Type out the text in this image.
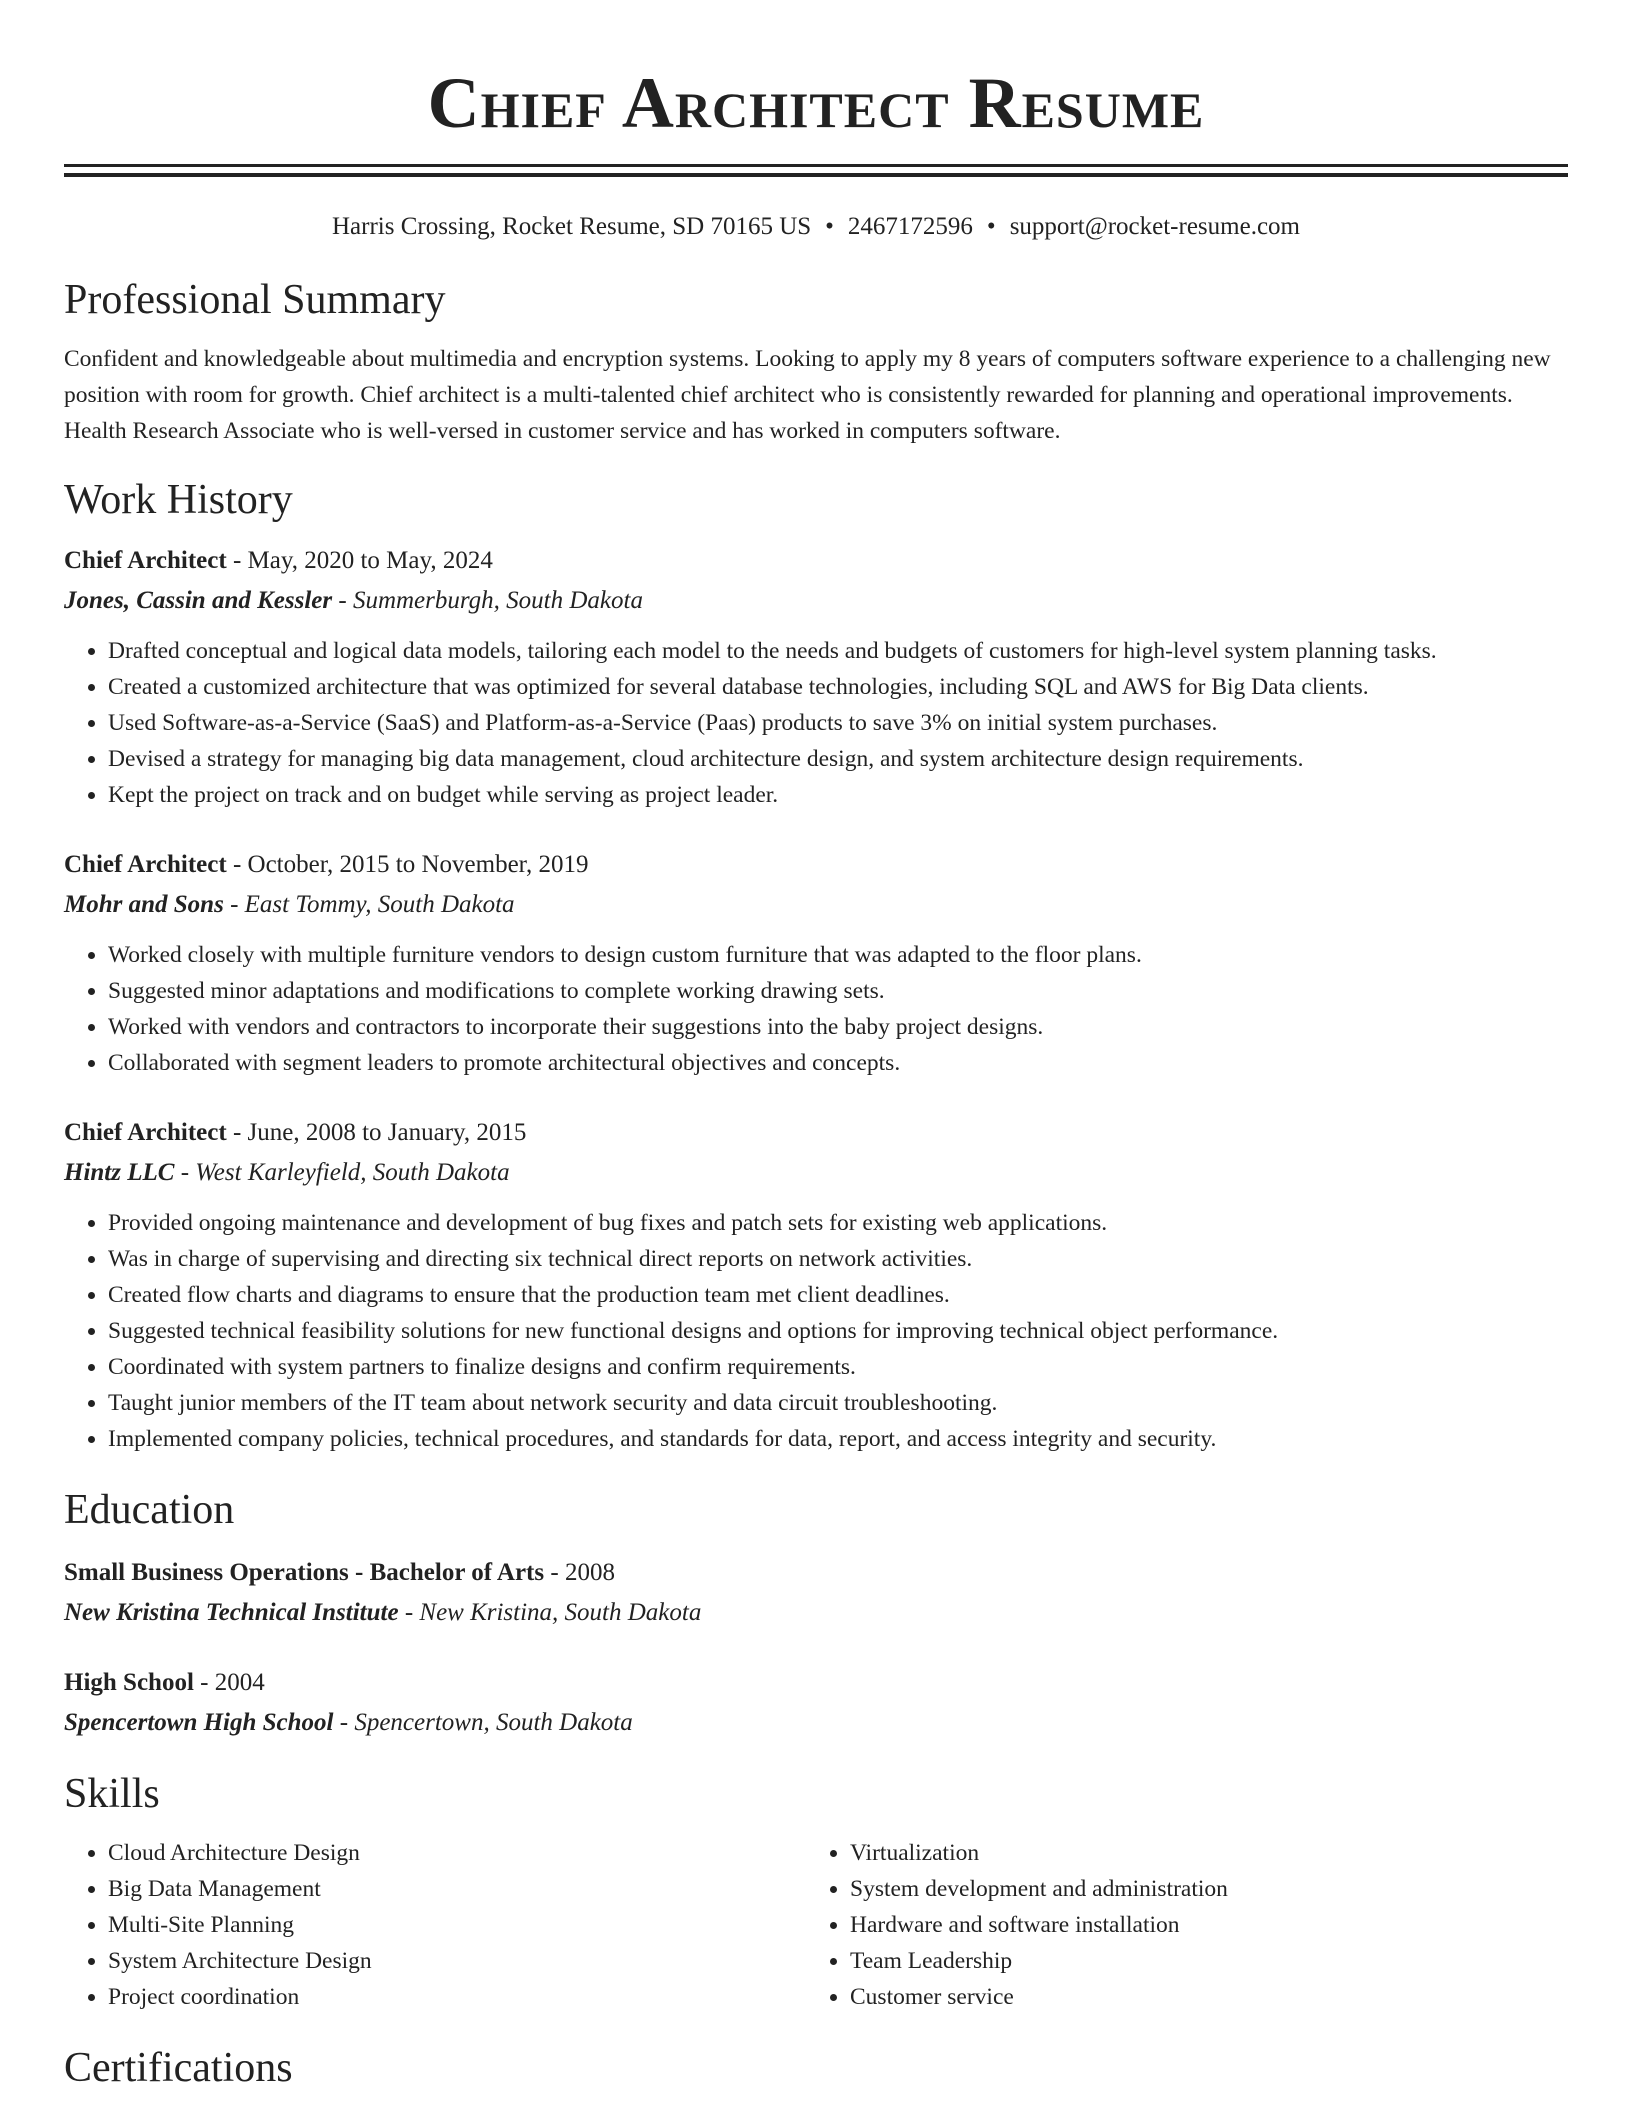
Chief Architect Resume
Harris Crossing, Rocket Resume, SD 70165 US • 2467172596 • support@rocket-resume.com
Professional Summary
Confident and knowledgeable about multimedia and encryption systems. Looking to apply my 8 years of computers software experience to a challenging new position with room for growth. Chief architect is a multi-talented chief architect who is consistently rewarded for planning and operational improvements. Health Research Associate who is well-versed in customer service and has worked in computers software.
Work History
Chief Architect - May, 2020 to May, 2024
Jones, Cassin and Kessler - Summerburgh, South Dakota
• Drafted conceptual and logical data models, tailoring each model to the needs and budgets of customers for high-level system planning tasks.
• Created a customized architecture that was optimized for several database technologies, including SQL and AWS for Big Data clients.
• Used Software-as-a-Service (SaaS) and Platform-as-a-Service (Paas) products to save 3% on initial system purchases.
• Devised a strategy for managing big data management, cloud architecture design, and system architecture design requirements.
• Kept the project on track and on budget while serving as project leader.
Chief Architect - October, 2015 to November, 2019
Mohr and Sons - East Tommy, South Dakota
• Worked closely with multiple furniture vendors to design custom furniture that was adapted to the floor plans.
• Suggested minor adaptations and modifications to complete working drawing sets.
• Worked with vendors and contractors to incorporate their suggestions into the baby project designs.
• Collaborated with segment leaders to promote architectural objectives and concepts.
Chief Architect - June, 2008 to January, 2015
Hintz LLC - West Karleyfield, South Dakota
• Provided ongoing maintenance and development of bug fixes and patch sets for existing web applications.
• Was in charge of supervising and directing six technical direct reports on network activities.
• Created flow charts and diagrams to ensure that the production team met client deadlines.
• Suggested technical feasibility solutions for new functional designs and options for improving technical object performance.
• Coordinated with system partners to finalize designs and confirm requirements.
• Taught junior members of the IT team about network security and data circuit troubleshooting.
• Implemented company policies, technical procedures, and standards for data, report, and access integrity and security.
Education
Small Business Operations - Bachelor of Arts - 2008
New Kristina Technical Institute - New Kristina, South Dakota
High School - 2004
Spencertown High School - Spencertown, South Dakota
Skills
• Cloud Architecture Design
• Big Data Management
• Multi-Site Planning
• System Architecture Design
• Project coordination
• Virtualization
• System development and administration
• Hardware and software installation
• Team Leadership
• Customer service
Certifications
